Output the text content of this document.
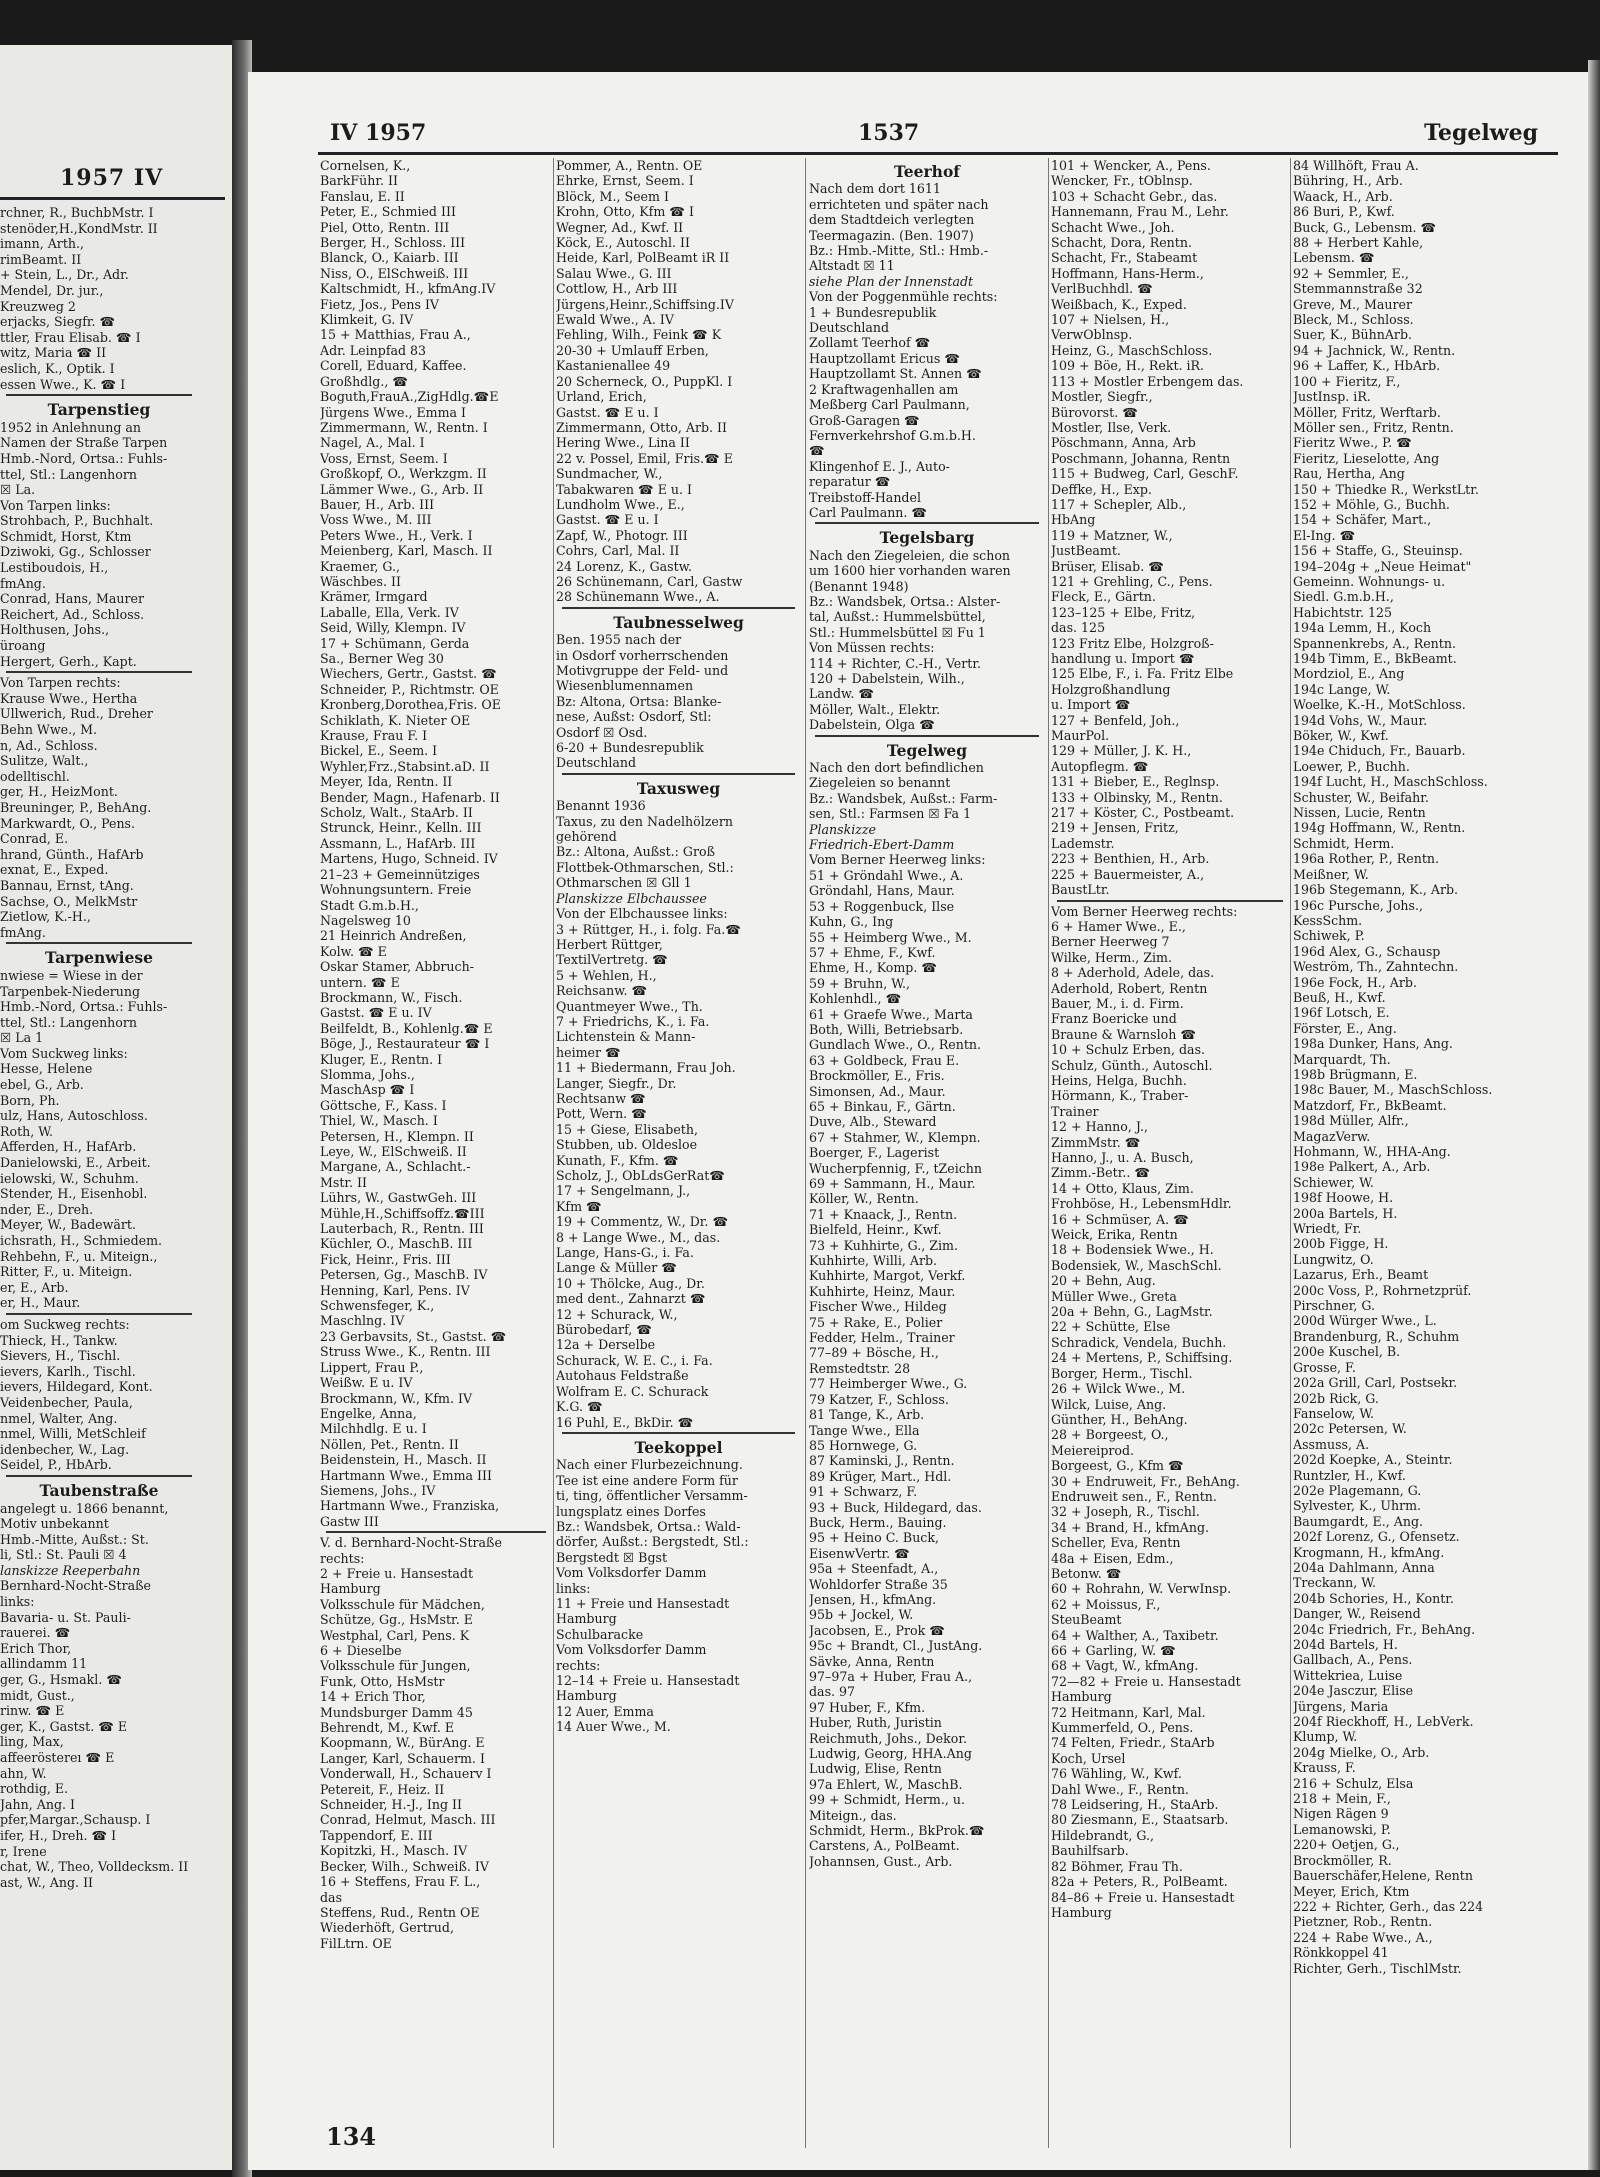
1957 IV
rchner, R., BuchbMstr. I
stenöder,H.,KondMstr. II
imann, Arth.,
rimBeamt. II
+ Stein, L., Dr., Adr.
Mendel, Dr. jur.,
Kreuzweg 2
erjacks, Siegfr. ☎
ttler, Frau Elisab. ☎ I
witz, Maria ☎ II
eslich, K., Optik. I
essen Wwe., K. ☎ I
Tarpenstieg
1952 in Anlehnung an
Namen der Straße Tarpen
Hmb.-Nord, Ortsa.: Fuhls-
ttel, Stl.: Langenhorn
☒ La.
Von Tarpen links:
Strohbach, P., Buchhalt.
Schmidt, Horst, Ktm
Dziwoki, Gg., Schlosser
Lestiboudois, H.,
fmAng.
Conrad, Hans, Maurer
Reichert, Ad., Schloss.
Holthusen, Johs.,
üroang
Hergert, Gerh., Kapt.
Von Tarpen rechts:
Krause Wwe., Hertha
Ullwerich, Rud., Dreher
Behn Wwe., M.
n, Ad., Schloss.
Sulitze, Walt.,
odelltischl.
ger, H., HeizMont.
Breuninger, P., BehAng.
Markwardt, O., Pens.
Conrad, E.
hrand, Günth., HafArb
exnat, E., Exped.
Bannau, Ernst, tAng.
Sachse, O., MelkMstr
Zietlow, K.-H.,
fmAng.
Tarpenwiese
nwiese = Wiese in der
Tarpenbek-Niederung
Hmb.-Nord, Ortsa.: Fuhls-
ttel, Stl.: Langenhorn
☒ La 1
Vom Suckweg links:
Hesse, Helene
ebel, G., Arb.
Born, Ph.
ulz, Hans, Autoschloss.
Roth, W.
Afferden, H., HafArb.
Danielowski, E., Arbeit.
ielowski, W., Schuhm.
Stender, H., Eisenhobl.
nder, E., Dreh.
Meyer, W., Badewärt.
ichsrath, H., Schmiedem.
Rehbehn, F., u. Miteign.,
Ritter, F., u. Miteign.
er, E., Arb.
er, H., Maur.
om Suckweg rechts:
Thieck, H., Tankw.
Sievers, H., Tischl.
ievers, Karlh., Tischl.
ievers, Hildegard, Kont.
Veidenbecher, Paula,
nmel, Walter, Ang.
nmel, Willi, MetSchleif
idenbecher, W., Lag.
Seidel, P., HbArb.
Taubenstraße
angelegt u. 1866 benannt,
Motiv unbekannt
Hmb.-Mitte, Außst.: St.
li, Stl.: St. Pauli ☒ 4
lanskizze Reeperbahn
Bernhard-Nocht-Straße
links:
Bavaria- u. St. Pauli-
rauerei. ☎
Erich Thor,
allindamm 11
ger, G., Hsmakl. ☎
midt, Gust.,
rinw. ☎ E
ger, K., Gastst. ☎ E
ling, Max,
affeeröstereı ☎ E
ahn, W.
rothdig, E.
Jahn, Ang. I
pfer,Margar.,Schausp. I
ifer, H., Dreh. ☎ I
r, Irene
chat, W., Theo, Volldecksm. II
ast, W., Ang. II
IV 1957	1537	Tegelweg
Cornelsen, K.,
BarkFühr. II
Fanslau, E. II
Peter, E., Schmied III
Piel, Otto, Rentn. III
Berger, H., Schloss. III
Blanck, O., Kaiarb. III
Niss, O., ElSchweiß. III
Kaltschmidt, H., kfmAng.IV
Fietz, Jos., Pens IV
Klimkeit, G. IV
15 + Matthias, Frau A.,
Adr. Leinpfad 83
Corell, Eduard, Kaffee.
Großhdlg., ☎
Boguth,FrauA.,ZigHdlg.☎E
Jürgens Wwe., Emma I
Zimmermann, W., Rentn. I
Nagel, A., Mal. I
Voss, Ernst, Seem. I
Großkopf, O., Werkzgm. II
Lämmer Wwe., G., Arb. II
Bauer, H., Arb. III
Voss Wwe., M. III
Peters Wwe., H., Verk. I
Meienberg, Karl, Masch. II
Kraemer, G.,
Wäschbes. II
Krämer, Irmgard
Laballe, Ella, Verk. IV
Seid, Willy, Klempn. IV
17 + Schümann, Gerda
Sa., Berner Weg 30
Wiechers, Gertr., Gastst. ☎
Schneider, P., Richtmstr. OE
Kronberg,Dorothea,Fris. OE
Schiklath, K. Nieter OE
Krause, Frau F. I
Bickel, E., Seem. I
Wyhler,Frz.,Stabsint.aD. II
Meyer, Ida, Rentn. II
Bender, Magn., Hafenarb. II
Scholz, Walt., StaArb. II
Strunck, Heinr., Kelln. III
Assmann, L., HafArb. III
Martens, Hugo, Schneid. IV
21–23 + Gemeinnütziges
Wohnungsuntern. Freie
Stadt G.m.b.H.,
Nagelsweg 10
21 Heinrich Andreßen,
Kolw. ☎ E
Oskar Stamer, Abbruch-
untern. ☎ E
Brockmann, W., Fisch.
Gastst. ☎ E u. IV
Beilfeldt, B., Kohlenlg.☎ E
Böge, J., Restaurateur ☎ I
Kluger, E., Rentn. I
Slomma, Johs.,
MaschAsp ☎ I
Göttsche, F., Kass. I
Thiel, W., Masch. I
Petersen, H., Klempn. II
Leye, W., ElSchweiß. II
Margane, A., Schlacht.-
Mstr. II
Lührs, W., GastwGeh. III
Mühle,H.,Schiffsoffz.☎III
Lauterbach, R., Rentn. III
Küchler, O., MaschB. III
Fick, Heinr., Fris. III
Petersen, Gg., MaschB. IV
Henning, Karl, Pens. IV
Schwensfeger, K.,
Maschlng. IV
23 Gerbavsits, St., Gastst. ☎
Struss Wwe., K., Rentn. III
Lippert, Frau P.,
Weißw. E u. IV
Brockmann, W., Kfm. IV
Engelke, Anna,
Milchhdlg. E u. I
Nöllen, Pet., Rentn. II
Beidenstein, H., Masch. II
Hartmann Wwe., Emma III
Siemens, Johs., IV
Hartmann Wwe., Franziska,
Gastw III
V. d. Bernhard-Nocht-Straße
rechts:
2 + Freie u. Hansestadt
Hamburg
Volksschule für Mädchen,
Schütze, Gg., HsMstr. E
Westphal, Carl, Pens. K
6 + Dieselbe
Volksschule für Jungen,
Funk, Otto, HsMstr
14 + Erich Thor,
Mundsburger Damm 45
Behrendt, M., Kwf. E
Koopmann, W., BürAng. E
Langer, Karl, Schauerm. I
Vonderwall, H., Schauerv I
Petereit, F., Heiz. II
Schneider, H.-J., Ing II
Conrad, Helmut, Masch. III
Tappendorf, E. III
Kopitzki, H., Masch. IV
Becker, Wilh., Schweiß. IV
16 + Steffens, Frau F. L.,
das
Steffens, Rud., Rentn OE
Wiederhöft, Gertrud,
FilLtrn. OE
Pommer, A., Rentn. OE
Ehrke, Ernst, Seem. I
Blöck, M., Seem I
Krohn, Otto, Kfm ☎ I
Wegner, Ad., Kwf. II
Köck, E., Autoschl. II
Heide, Karl, PolBeamt iR II
Salau Wwe., G. III
Cottlow, H., Arb III
Jürgens,Heinr.,Schiffsing.IV
Ewald Wwe., A. IV
Fehling, Wilh., Feink ☎ K
20-30 + Umlauff Erben,
Kastanienallee 49
20 Scherneck, O., PuppKl. I
Urland, Erich,
Gastst. ☎ E u. I
Zimmermann, Otto, Arb. II
Hering Wwe., Lina II
22 v. Possel, Emil, Fris.☎ E
Sundmacher, W.,
Tabakwaren ☎ E u. I
Lundholm Wwe., E.,
Gastst. ☎ E u. I
Zapf, W., Photogr. III
Cohrs, Carl, Mal. II
24 Lorenz, K., Gastw.
26 Schünemann, Carl, Gastw
28 Schünemann Wwe., A.
Taubnesselweg
Ben. 1955 nach der
in Osdorf vorherrschenden
Motivgruppe der Feld- und
Wiesenblumennamen
Bz: Altona, Ortsa: Blanke-
nese, Außst: Osdorf, Stl:
Osdorf ☒ Osd.
6-20 + Bundesrepublik
Deutschland
Taxusweg
Benannt 1936
Taxus, zu den Nadelhölzern
gehörend
Bz.: Altona, Außst.: Groß
Flottbek-Othmarschen, Stl.:
Othmarschen ☒ Gll 1
Planskizze Elbchaussee
Von der Elbchaussee links:
3 + Rüttger, H., i. folg. Fa.☎
Herbert Rüttger,
TextilVertretg. ☎
5 + Wehlen, H.,
Reichsanw. ☎
Quantmeyer Wwe., Th.
7 + Friedrichs, K., i. Fa.
Lichtenstein & Mann-
heimer ☎
11 + Biedermann, Frau Joh.
Langer, Siegfr., Dr.
Rechtsanw ☎
Pott, Wern. ☎
15 + Giese, Elisabeth,
Stubben, ub. Oldesloe
Kunath, F., Kfm. ☎
Scholz, J., ObLdsGerRat☎
17 + Sengelmann, J.,
Kfm ☎
19 + Commentz, W., Dr. ☎
8 + Lange Wwe., M., das.
Lange, Hans-G., i. Fa.
Lange & Müller ☎
10 + Thölcke, Aug., Dr.
med dent., Zahnarzt ☎
12 + Schurack, W.,
Bürobedarf, ☎
12a + Derselbe
Schurack, W. E. C., i. Fa.
Autohaus Feldstraße
Wolfram E. C. Schurack
K.G. ☎
16 Puhl, E., BkDir. ☎
Teekoppel
Nach einer Flurbezeichnung.
Tee ist eine andere Form für
ti, ting, öffentlicher Versamm-
lungsplatz eines Dorfes
Bz.: Wandsbek, Ortsa.: Wald-
dörfer, Außst.: Bergstedt, Stl.:
Bergstedt ☒ Bgst
Vom Volksdorfer Damm
links:
11 + Freie und Hansestadt
Hamburg
Schulbaracke
Vom Volksdorfer Damm
rechts:
12–14 + Freie u. Hansestadt
Hamburg
12 Auer, Emma
14 Auer Wwe., M.
Teerhof
Nach dem dort 1611
errichteten und später nach
dem Stadtdeich verlegten
Teermagazin. (Ben. 1907)
Bz.: Hmb.-Mitte, Stl.: Hmb.-
Altstadt ☒ 11
siehe Plan der Innenstadt
Von der Poggenmühle rechts:
1 + Bundesrepublik
Deutschland
Zollamt Teerhof ☎
Hauptzollamt Ericus ☎
Hauptzollamt St. Annen ☎
2 Kraftwagenhallen am
Meßberg Carl Paulmann,
Groß-Garagen ☎
Fernverkehrshof G.m.b.H.
☎
Klingenhof E. J., Auto-
reparatur ☎
Treibstoff-Handel
Carl Paulmann. ☎
Tegelsbarg
Nach den Ziegeleien, die schon
um 1600 hier vorhanden waren
(Benannt 1948)
Bz.: Wandsbek, Ortsa.: Alster-
tal, Außst.: Hummelsbüttel,
Stl.: Hummelsbüttel ☒ Fu 1
Von Müssen rechts:
114 + Richter, C.-H., Vertr.
120 + Dabelstein, Wilh.,
Landw. ☎
Möller, Walt., Elektr.
Dabelstein, Olga ☎
Tegelweg
Nach den dort befindlichen
Ziegeleien so benannt
Bz.: Wandsbek, Außst.: Farm-
sen, Stl.: Farmsen ☒ Fa 1
Planskizze
Friedrich-Ebert-Damm
Vom Berner Heerweg links:
51 + Gröndahl Wwe., A.
Gröndahl, Hans, Maur.
53 + Roggenbuck, Ilse
Kuhn, G., Ing
55 + Heimberg Wwe., M.
57 + Ehme, F., Kwf.
Ehme, H., Komp. ☎
59 + Bruhn, W.,
Kohlenhdl., ☎
61 + Graefe Wwe., Marta
Both, Willi, Betriebsarb.
Gundlach Wwe., O., Rentn.
63 + Goldbeck, Frau E.
Brockmöller, E., Fris.
Simonsen, Ad., Maur.
65 + Binkau, F., Gärtn.
Duve, Alb., Steward
67 + Stahmer, W., Klempn.
Boerger, F., Lagerist
Wucherpfennig, F., tZeichn
69 + Sammann, H., Maur.
Köller, W., Rentn.
71 + Knaack, J., Rentn.
Bielfeld, Heinr., Kwf.
73 + Kuhhirte, G., Zim.
Kuhhirte, Willi, Arb.
Kuhhirte, Margot, Verkf.
Kuhhirte, Heinz, Maur.
Fischer Wwe., Hildeg
75 + Rake, E., Polier
Fedder, Helm., Trainer
77–89 + Bösche, H.,
Remstedtstr. 28
77 Heimberger Wwe., G.
79 Katzer, F., Schloss.
81 Tange, K., Arb.
Tange Wwe., Ella
85 Hornwege, G.
87 Kaminski, J., Rentn.
89 Krüger, Mart., Hdl.
91 + Schwarz, F.
93 + Buck, Hildegard, das.
Buck, Herm., Bauing.
95 + Heino C. Buck,
EisenwVertr. ☎
95a + Steenfadt, A.,
Wohldorfer Straße 35
Jensen, H., kfmAng.
95b + Jockel, W.
Jacobsen, E., Prok ☎
95c + Brandt, Cl., JustAng.
Sävke, Anna, Rentn
97–97a + Huber, Frau A.,
das. 97
97 Huber, F., Kfm.
Huber, Ruth, Juristin
Reichmuth, Johs., Dekor.
Ludwig, Georg, HHA.Ang
Ludwig, Elise, Rentn
97a Ehlert, W., MaschB.
99 + Schmidt, Herm., u.
Miteign., das.
Schmidt, Herm., BkProk.☎
Carstens, A., PolBeamt.
Johannsen, Gust., Arb.
101 + Wencker, A., Pens.
Wencker, Fr., tOblnsp.
103 + Schacht Gebr., das.
Hannemann, Frau M., Lehr.
Schacht Wwe., Joh.
Schacht, Dora, Rentn.
Schacht, Fr., Stabeamt
Hoffmann, Hans-Herm.,
VerlBuchhdl. ☎
Weißbach, K., Exped.
107 + Nielsen, H.,
VerwOblnsp.
Heinz, G., MaschSchloss.
109 + Böe, H., Rekt. iR.
113 + Mostler Erbengem das.
Mostler, Siegfr.,
Bürovorst. ☎
Mostler, Ilse, Verk.
Pöschmann, Anna, Arb
Poschmann, Johanna, Rentn
115 + Budweg, Carl, GeschF.
Deffke, H., Exp.
117 + Schepler, Alb.,
HbAng
119 + Matzner, W.,
JustBeamt.
Brüser, Elisab. ☎
121 + Grehling, C., Pens.
Fleck, E., Gärtn.
123–125 + Elbe, Fritz,
das. 125
123 Fritz Elbe, Holzgroß-
handlung u. Import ☎
125 Elbe, F., i. Fa. Fritz Elbe
Holzgroßhandlung
u. Import ☎
127 + Benfeld, Joh.,
MaurPol.
129 + Müller, J. K. H.,
Autopflegm. ☎
131 + Bieber, E., Reglnsp.
133 + Olbinsky, M., Rentn.
217 + Köster, C., Postbeamt.
219 + Jensen, Fritz,
Lademstr.
223 + Benthien, H., Arb.
225 + Bauermeister, A.,
BaustLtr.
Vom Berner Heerweg rechts:
6 + Hamer Wwe., E.,
Berner Heerweg 7
Wilke, Herm., Zim.
8 + Aderhold, Adele, das.
Aderhold, Robert, Rentn
Bauer, M., i. d. Firm.
Franz Boericke und
Braune & Warnsloh ☎
10 + Schulz Erben, das.
Schulz, Günth., Autoschl.
Heins, Helga, Buchh.
Hörmann, K., Traber-
Trainer
12 + Hanno, J.,
ZimmMstr. ☎
Hanno, J., u. A. Busch,
Zimm.-Betr.. ☎
14 + Otto, Klaus, Zim.
Frohböse, H., LebensmHdlr.
16 + Schmüser, A. ☎
Weick, Erika, Rentn
18 + Bodensiek Wwe., H.
Bodensiek, W., MaschSchl.
20 + Behn, Aug.
Müller Wwe., Greta
20a + Behn, G., LagMstr.
22 + Schütte, Else
Schradick, Vendela, Buchh.
24 + Mertens, P., Schiffsing.
Borger, Herm., Tischl.
26 + Wilck Wwe., M.
Wilck, Luise, Ang.
Günther, H., BehAng.
28 + Borgeest, O.,
Meiereiprod.
Borgeest, G., Kfm ☎
30 + Endruweit, Fr., BehAng.
Endruweit sen., F., Rentn.
32 + Joseph, R., Tischl.
34 + Brand, H., kfmAng.
Scheller, Eva, Rentn
48a + Eisen, Edm.,
Betonw. ☎
60 + Rohrahn, W. VerwInsp.
62 + Moissus, F.,
SteuBeamt
64 + Walther, A., Taxibetr.
66 + Garling, W. ☎
68 + Vagt, W., kfmAng.
72—82 + Freie u. Hansestadt
Hamburg
72 Heitmann, Karl, Mal.
Kummerfeld, O., Pens.
74 Felten, Friedr., StaArb
Koch, Ursel
76 Wähling, W., Kwf.
Dahl Wwe., F., Rentn.
78 Leidsering, H., StaArb.
80 Ziesmann, E., Staatsarb.
Hildebrandt, G.,
Bauhilfsarb.
82 Böhmer, Frau Th.
82a + Peters, R., PolBeamt.
84–86 + Freie u. Hansestadt
Hamburg
84 Willhöft, Frau A.
Bühring, H., Arb.
Waack, H., Arb.
86 Buri, P., Kwf.
Buck, G., Lebensm. ☎
88 + Herbert Kahle,
Lebensm. ☎
92 + Semmler, E.,
Stemmannstraße 32
Greve, M., Maurer
Bleck, M., Schloss.
Suer, K., BühnArb.
94 + Jachnick, W., Rentn.
96 + Laffer, K., HbArb.
100 + Fieritz, F.,
JustInsp. iR.
Möller, Fritz, Werftarb.
Möller sen., Fritz, Rentn.
Fieritz Wwe., P. ☎
Fieritz, Lieselotte, Ang
Rau, Hertha, Ang
150 + Thiedke R., WerkstLtr.
152 + Möhle, G., Buchh.
154 + Schäfer, Mart.,
El-Ing. ☎
156 + Staffe, G., Steuinsp.
194–204g + „Neue Heimat"
Gemeinn. Wohnungs- u.
Siedl. G.m.b.H.,
Habichtstr. 125
194a Lemm, H., Koch
Spannenkrebs, A., Rentn.
194b Timm, E., BkBeamt.
Mordziol, E., Ang
194c Lange, W.
Woelke, K.-H., MotSchloss.
194d Vohs, W., Maur.
Böker, W., Kwf.
194e Chiduch, Fr., Bauarb.
Loewer, P., Buchh.
194f Lucht, H., MaschSchloss.
Schuster, W., Beifahr.
Nissen, Lucie, Rentn
194g Hoffmann, W., Rentn.
Schmidt, Herm.
196a Rother, P., Rentn.
Meißner, W.
196b Stegemann, K., Arb.
196c Pursche, Johs.,
KessSchm.
Schiwek, P.
196d Alex, G., Schausp
Weström, Th., Zahntechn.
196e Fock, H., Arb.
Beuß, H., Kwf.
196f Lotsch, E.
Förster, E., Ang.
198a Dunker, Hans, Ang.
Marquardt, Th.
198b Brügmann, E.
198c Bauer, M., MaschSchloss.
Matzdorf, Fr., BkBeamt.
198d Müller, Alfr.,
MagazVerw.
Hohmann, W., HHA-Ang.
198e Palkert, A., Arb.
Schiewer, W.
198f Hoowe, H.
200a Bartels, H.
Wriedt, Fr.
200b Figge, H.
Lungwitz, O.
Lazarus, Erh., Beamt
200c Voss, P., Rohrnetzprüf.
Pirschner, G.
200d Würger Wwe., L.
Brandenburg, R., Schuhm
200e Kuschel, B.
Grosse, F.
202a Grill, Carl, Postsekr.
202b Rick, G.
Fanselow, W.
202c Petersen, W.
Assmuss, A.
202d Koepke, A., Steintr.
Runtzler, H., Kwf.
202e Plagemann, G.
Sylvester, K., Uhrm.
Baumgardt, E., Ang.
202f Lorenz, G., Ofensetz.
Krogmann, H., kfmAng.
204a Dahlmann, Anna
Treckann, W.
204b Schories, H., Kontr.
Danger, W., Reisend
204c Friedrich, Fr., BehAng.
204d Bartels, H.
Gallbach, A., Pens.
Wittekriea, Luise
204e Jasczur, Elise
Jürgens, Maria
204f Rieckhoff, H., LebVerk.
Klump, W.
204g Mielke, O., Arb.
Krauss, F.
216 + Schulz, Elsa
218 + Mein, F.,
Nigen Rägen 9
Lemanowski, P.
220+ Oetjen, G.,
Brockmöller, R.
Bauerschäfer,Helene, Rentn
Meyer, Erich, Ktm
222 + Richter, Gerh., das 224
Pietzner, Rob., Rentn.
224 + Rabe Wwe., A.,
Rönkkoppel 41
Richter, Gerh., TischlMstr.
134
